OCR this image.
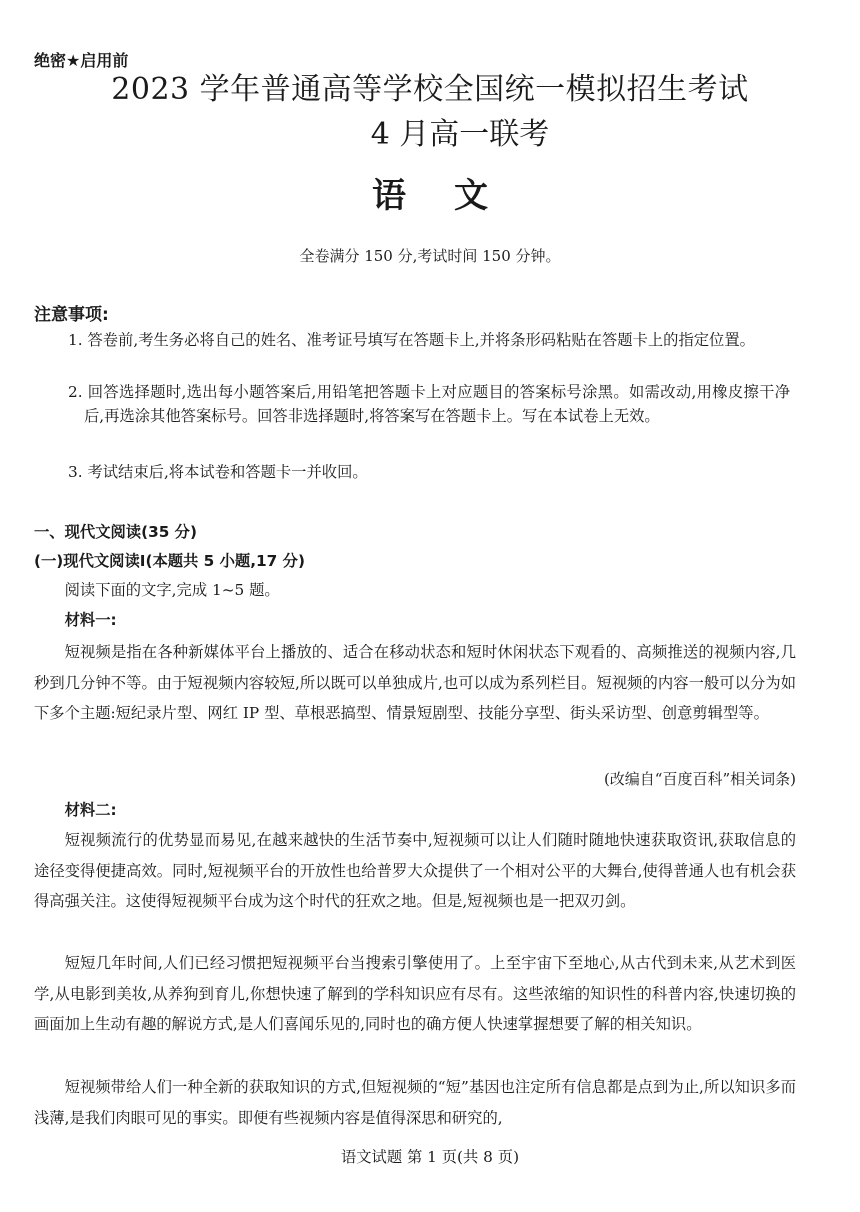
绝密★启用前
2023 学年普通高等学校全国统一模拟招生考试
4 月高一联考
语文
全卷满分 150 分,考试时间 150 分钟。
注意事项:
1. 答卷前,考生务必将自己的姓名、准考证号填写在答题卡上,并将条形码粘贴在答题卡上的指定位置。
2. 回答选择题时,选出每小题答案后,用铅笔把答题卡上对应题目的答案标号涂黑。如需改动,用橡皮擦干净后,再选涂其他答案标号。回答非选择题时,将答案写在答题卡上。写在本试卷上无效。
3. 考试结束后,将本试卷和答题卡一并收回。
一、现代文阅读(35 分)
(一)现代文阅读Ⅰ(本题共 5 小题,17 分)
阅读下面的文字,完成 1~5 题。
材料一:
短视频是指在各种新媒体平台上播放的、适合在移动状态和短时休闲状态下观看的、高频推送的视频内容,几秒到几分钟不等。由于短视频内容较短,所以既可以单独成片,也可以成为系列栏目。短视频的内容一般可以分为如下多个主题:短纪录片型、网红 IP 型、草根恶搞型、情景短剧型、技能分享型、街头采访型、创意剪辑型等。
(改编自“百度百科”相关词条)
材料二:
短视频流行的优势显而易见,在越来越快的生活节奏中,短视频可以让人们随时随地快速获取资讯,获取信息的途径变得便捷高效。同时,短视频平台的开放性也给普罗大众提供了一个相对公平的大舞台,使得普通人也有机会获得高强关注。这使得短视频平台成为这个时代的狂欢之地。但是,短视频也是一把双刃剑。
短短几年时间,人们已经习惯把短视频平台当搜索引擎使用了。上至宇宙下至地心,从古代到未来,从艺术到医学,从电影到美妆,从养狗到育儿,你想快速了解到的学科知识应有尽有。这些浓缩的知识性的科普内容,快速切换的画面加上生动有趣的解说方式,是人们喜闻乐见的,同时也的确方便人快速掌握想要了解的相关知识。
短视频带给人们一种全新的获取知识的方式,但短视频的“短”基因也注定所有信息都是点到为止,所以知识多而浅薄,是我们肉眼可见的事实。即便有些视频内容是值得深思和研究的,
语文试题 第 1 页(共 8 页)
